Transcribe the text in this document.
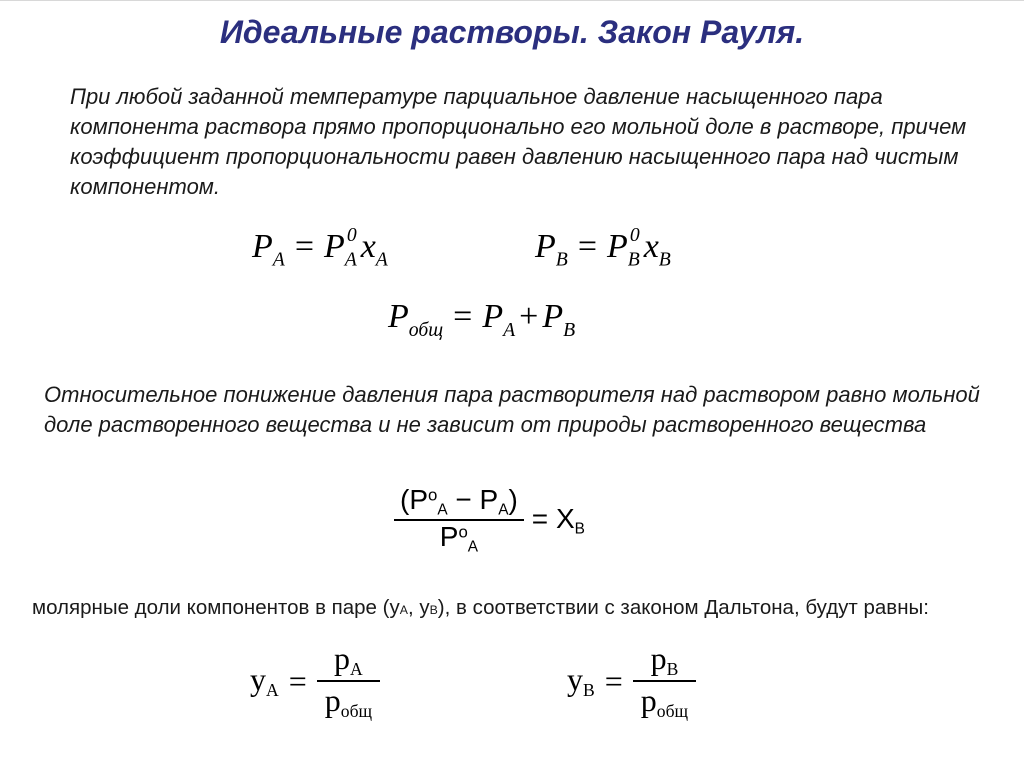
Идеальные растворы. Закон Рауля.

При любой заданной температуре парциальное давление насыщенного пара компонента раствора прямо пропорционально его мольной доле в растворе, причем коэффициент пропорциональности равен давлению насыщенного пара над чистым компонентом.

$P_A = P_A^0$ $x_A$	$P_B = P_B^0$ $x_B$
$P_{общ} = P_A + P_B$

Относительное понижение давления пара растворителя над раствором равно мольной доле растворенного вещества и не зависит от природы растворенного вещества

$\frac{(P^oA - PA)}{P^oA}$ = XB

молярные доли компонентов в паре (уА, уВ), в соответствии с законом Дальтона, будут равны:

$y_A = \frac{p_A}{p_{общ}}$	$y_B = \frac{p_B}{p_{общ}}$
